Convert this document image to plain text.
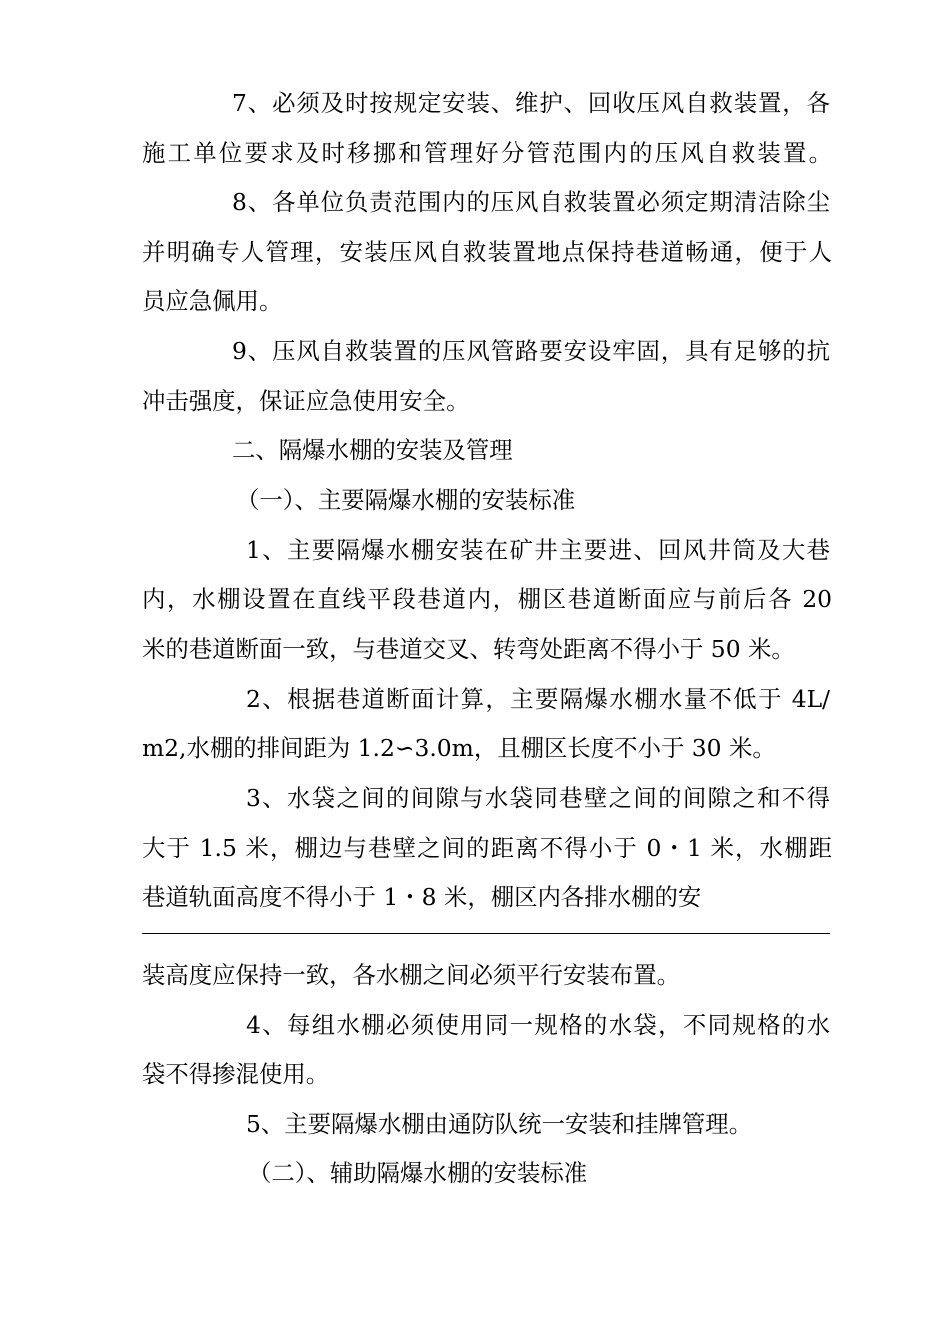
7、必须及时按规定安装、维护、回收压风自救装置，各
施工单位要求及时移挪和管理好分管范围内的压风自救装置。
8、各单位负责范围内的压风自救装置必须定期清洁除尘
并明确专人管理，安装压风自救装置地点保持巷道畅通，便于人
员应急佩用。
9、压风自救装置的压风管路要安设牢固，具有足够的抗
冲击强度，保证应急使用安全。
二、隔爆水棚的安装及管理
（一）、主要隔爆水棚的安装标准
1、主要隔爆水棚安装在矿井主要进、回风井筒及大巷
内，水棚设置在直线平段巷道内，棚区巷道断面应与前后各 20
米的巷道断面一致，与巷道交叉、转弯处距离不得小于 50 米。
2、根据巷道断面计算，主要隔爆水棚水量不低于 4L/
m2,水棚的排间距为 1.2∽3.0m，且棚区长度不小于 30 米。
3、水袋之间的间隙与水袋同巷壁之间的间隙之和不得
大于 1.5 米，棚边与巷壁之间的距离不得小于 0・1 米，水棚距
巷道轨面高度不得小于 1・8 米，棚区内各排水棚的安
装高度应保持一致，各水棚之间必须平行安装布置。
4、每组水棚必须使用同一规格的水袋，不同规格的水
袋不得掺混使用。
5、主要隔爆水棚由通防队统一安装和挂牌管理。
（二）、辅助隔爆水棚的安装标准
